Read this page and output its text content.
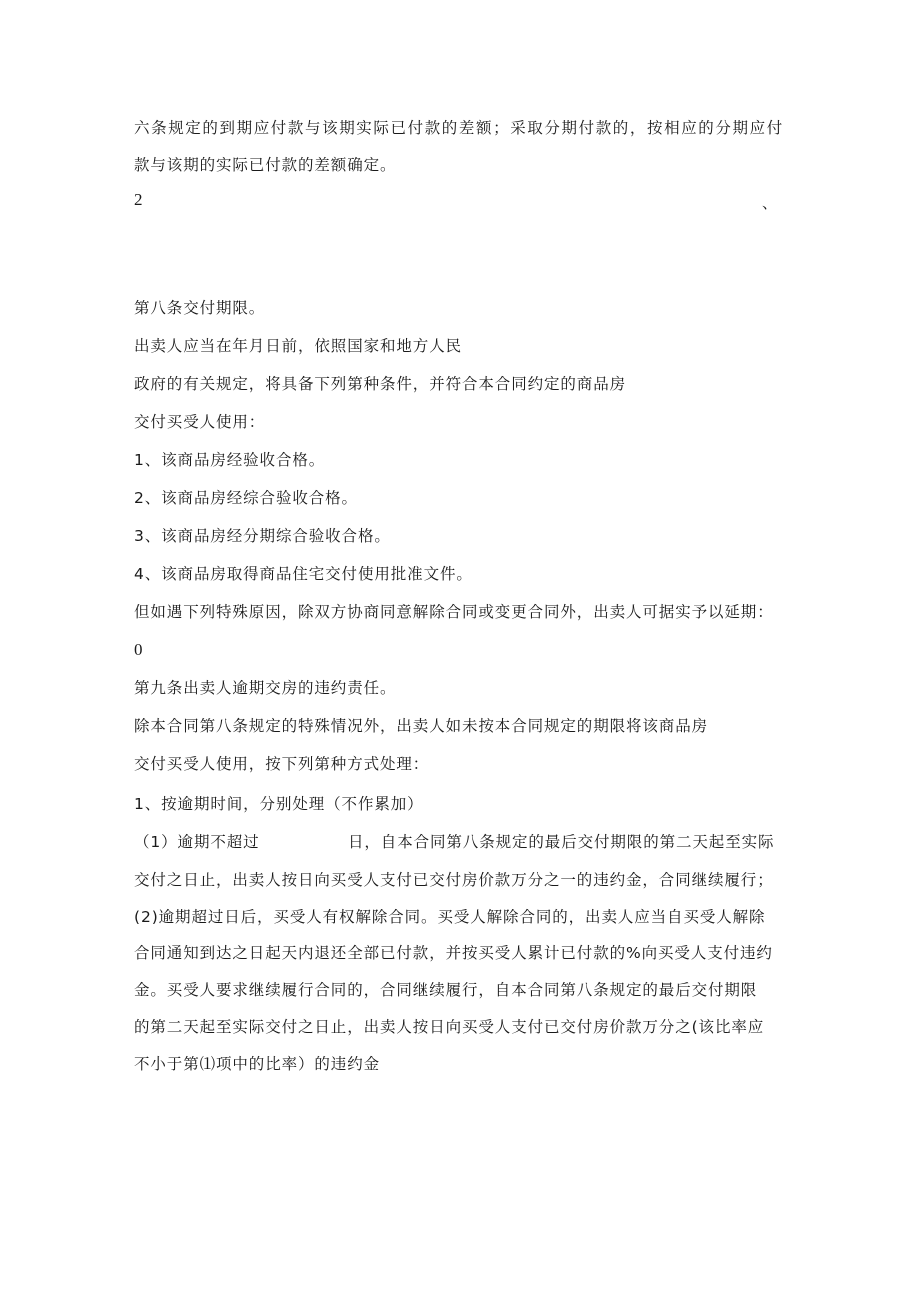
六条规定的到期应付款与该期实际已付款的差额；采取分期付款的，按相应的分期应付
款与该期的实际已付款的差额确定。
2	、
第八条交付期限。
出卖人应当在年月日前，依照国家和地方人民
政府的有关规定，将具备下列第种条件，并符合本合同约定的商品房
交付买受人使用：
1、该商品房经验收合格。
2、该商品房经综合验收合格。
3、该商品房经分期综合验收合格。
4、该商品房取得商品住宅交付使用批准文件。
但如遇下列特殊原因，除双方协商同意解除合同或变更合同外，出卖人可据实予以延期：
0
第九条出卖人逾期交房的违约责任。
除本合同第八条规定的特殊情况外，出卖人如未按本合同规定的期限将该商品房
交付买受人使用，按下列第种方式处理：
1、按逾期时间，分别处理（不作累加）
（1）逾期不超过	日，自本合同第八条规定的最后交付期限的第二天起至实际
交付之日止，出卖人按日向买受人支付已交付房价款万分之一的违约金，合同继续履行；
(2)逾期超过日后，买受人有权解除合同。买受人解除合同的，出卖人应当自买受人解除
合同通知到达之日起天内退还全部已付款，并按买受人累计已付款的%向买受人支付违约
金。买受人要求继续履行合同的，合同继续履行，自本合同第八条规定的最后交付期限
的第二天起至实际交付之日止，出卖人按日向买受人支付已交付房价款万分之(该比率应
不小于第⑴项中的比率）的违约金
